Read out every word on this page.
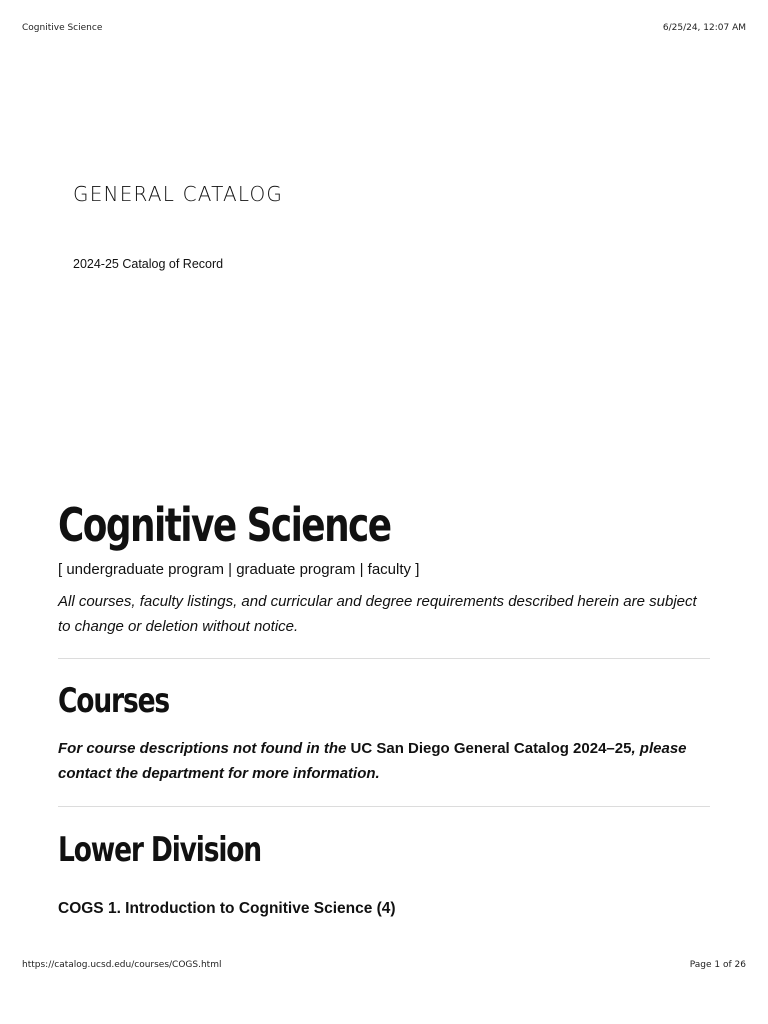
Cognitive Science	6/25/24, 12:07 AM
GENERAL CATALOG
2024-25 Catalog of Record
Cognitive Science
[ undergraduate program | graduate program | faculty ]
All courses, faculty listings, and curricular and degree requirements described herein are subject to change or deletion without notice.
Courses
For course descriptions not found in the UC San Diego General Catalog 2024–25, please contact the department for more information.
Lower Division
COGS 1. Introduction to Cognitive Science (4)
https://catalog.ucsd.edu/courses/COGS.html	Page 1 of 26
